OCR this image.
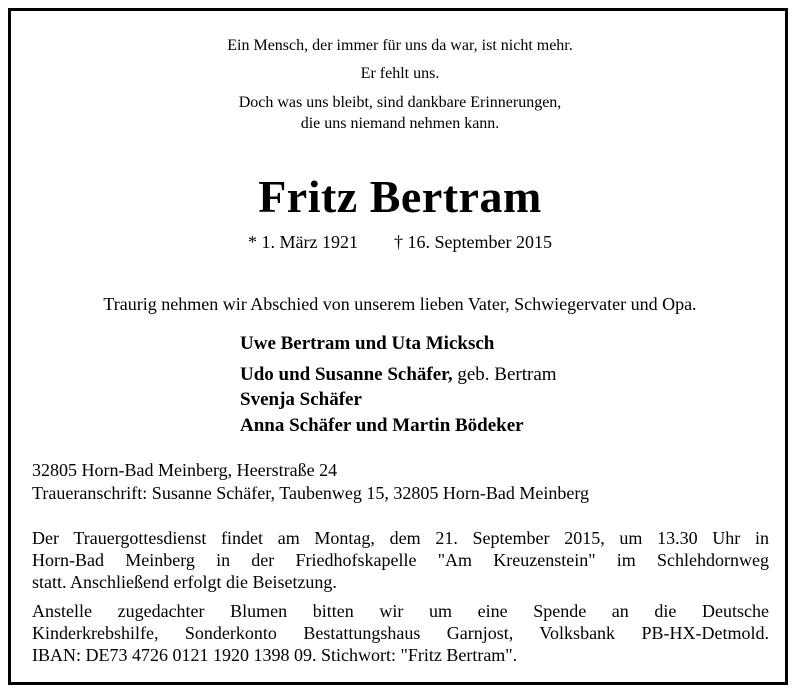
Ein Mensch, der immer für uns da war, ist nicht mehr.
Er fehlt uns.
Doch was uns bleibt, sind dankbare Erinnerungen,
die uns niemand nehmen kann.
Fritz Bertram
* 1. März 1921 † 16. September 2015
Traurig nehmen wir Abschied von unserem lieben Vater, Schwiegervater und Opa.
Uwe Bertram und Uta Micksch
Udo und Susanne Schäfer, geb. Bertram
Svenja Schäfer
Anna Schäfer und Martin Bödeker
32805 Horn-Bad Meinberg, Heerstraße 24
Traueranschrift: Susanne Schäfer, Taubenweg 15, 32805 Horn-Bad Meinberg
Der Trauergottesdienst findet am Montag, dem 21. September 2015, um 13.30 Uhr in
Horn-Bad Meinberg in der Friedhofskapelle "Am Kreuzenstein" im Schlehdornweg
statt. Anschließend erfolgt die Beisetzung.
Anstelle zugedachter Blumen bitten wir um eine Spende an die Deutsche
Kinderkrebshilfe, Sonderkonto Bestattungshaus Garnjost, Volksbank PB-HX-Detmold.
IBAN: DE73 4726 0121 1920 1398 09. Stichwort: "Fritz Bertram".
